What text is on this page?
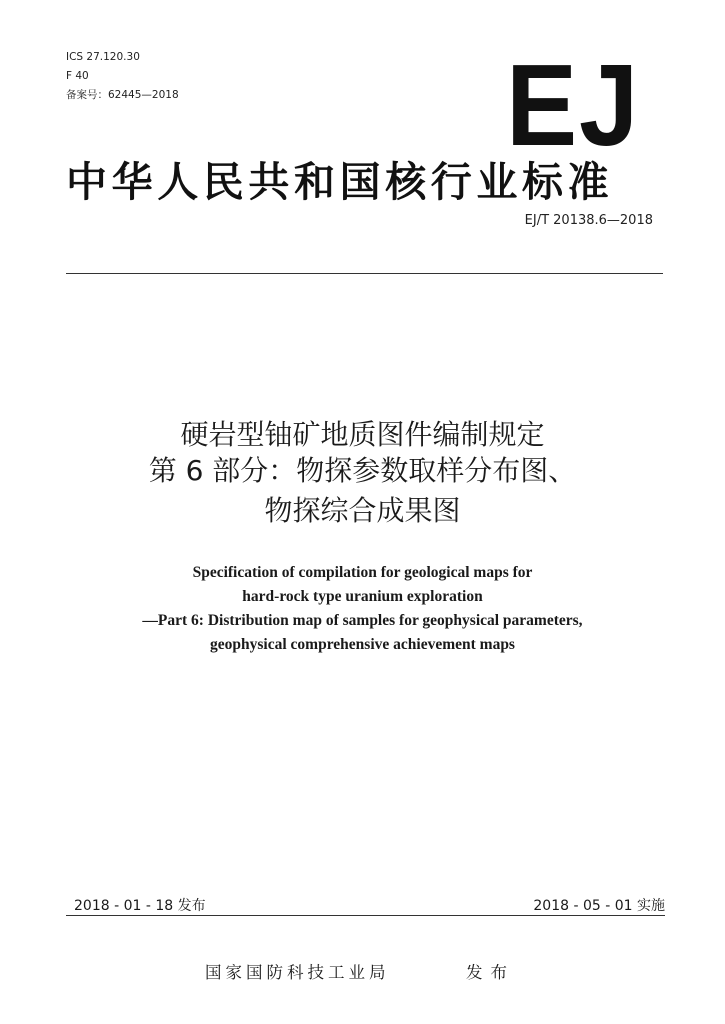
ICS 27.120.30
F 40
备案号：62445—2018	EJ
中华人民共和国核行业标准
EJ/T 20138.6—2018
硬岩型铀矿地质图件编制规定
第 6 部分：物探参数取样分布图、
物探综合成果图
Specification of compilation for geological maps for
hard-rock type uranium exploration
—Part 6: Distribution map of samples for geophysical parameters,
geophysical comprehensive achievement maps
2018 - 01 - 18 发布	2018 - 05 - 01 实施
国家国防科技工业局	发布
